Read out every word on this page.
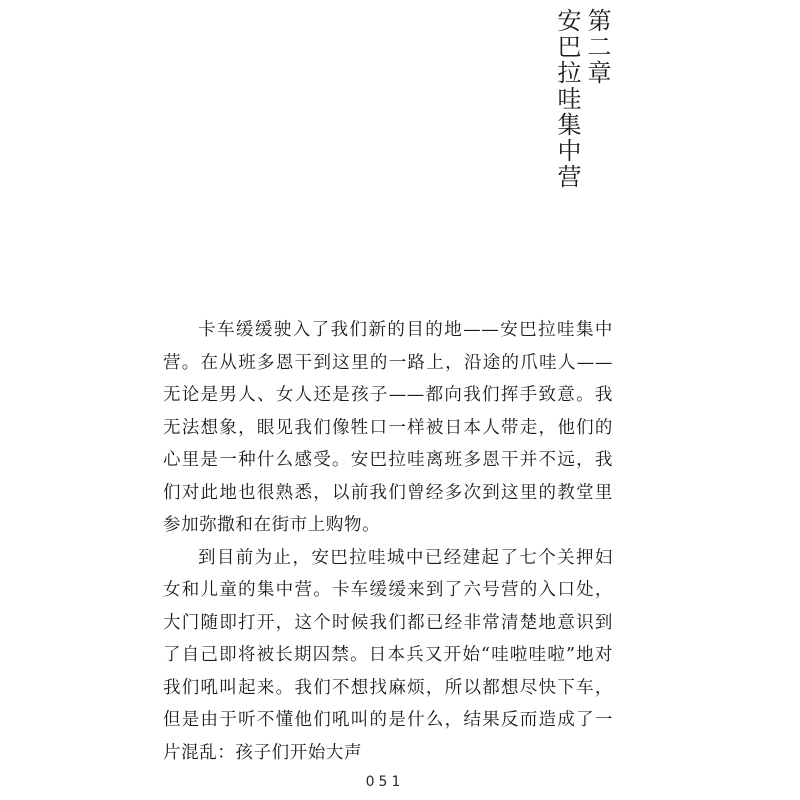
第二章
安巴拉哇集中营

卡车缓缓驶入了我们新的目的地——安巴拉哇集中营。在从班多恩干到这里的一路上，沿途的爪哇人——无论是男人、女人还是孩子——都向我们挥手致意。我无法想象，眼见我们像牲口一样被日本人带走，他们的心里是一种什么感受。安巴拉哇离班多恩干并不远，我们对此地也很熟悉，以前我们曾经多次到这里的教堂里参加弥撒和在街市上购物。

到目前为止，安巴拉哇城中已经建起了七个关押妇女和儿童的集中营。卡车缓缓来到了六号营的入口处，大门随即打开，这个时候我们都已经非常清楚地意识到了自己即将被长期囚禁。日本兵又开始“哇啦哇啦”地对我们吼叫起来。我们不想找麻烦，所以都想尽快下车，但是由于听不懂他们吼叫的是什么，结果反而造成了一片混乱：孩子们开始大声

051
